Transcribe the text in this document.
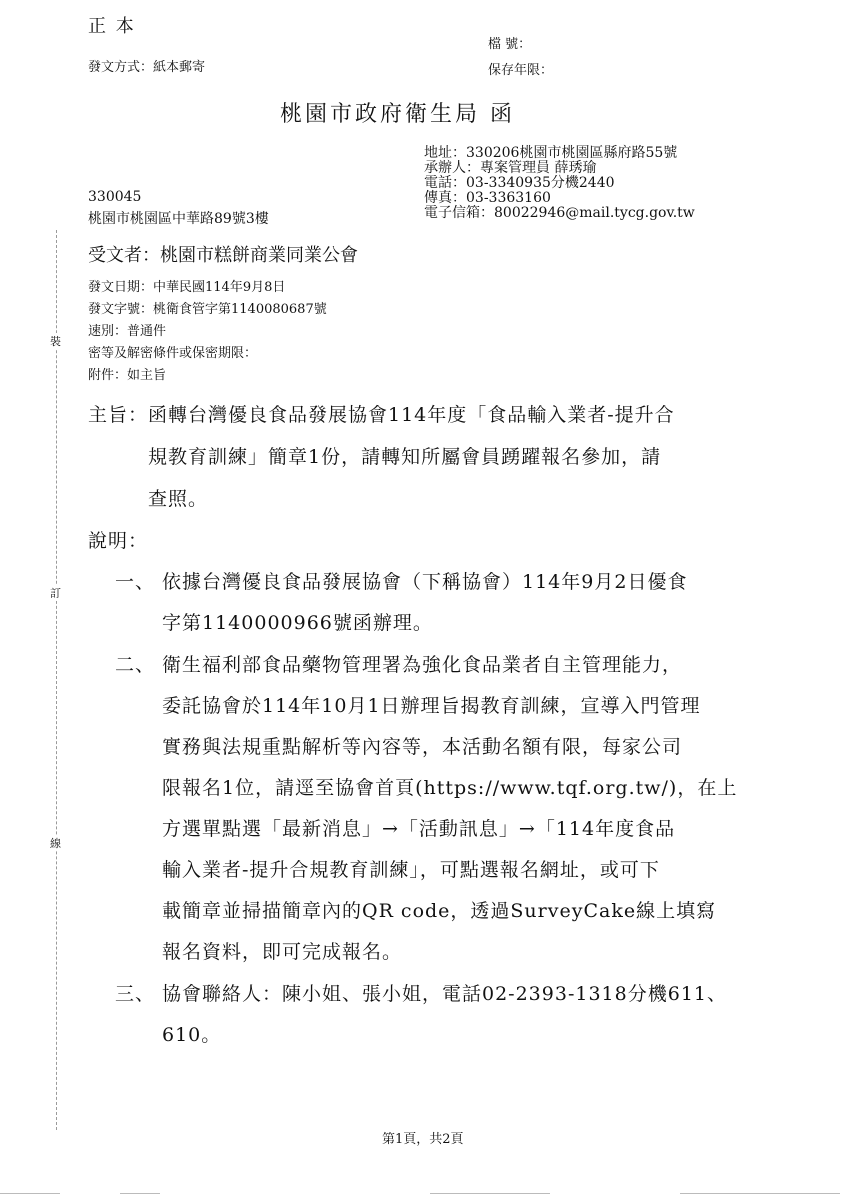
裝
訂
線
正 本
檔 號：
保存年限：
發文方式：紙本郵寄
桃園市政府衛生局 函
地址：330206桃園市桃園區縣府路55號
承辦人：專案管理員 薛琇瑜
電話：03-3340935分機2440
傳真：03-3363160
電子信箱：80022946@mail.tycg.gov.tw
330045
桃園市桃園區中華路89號3樓
受文者：桃園市糕餅商業同業公會
發文日期：中華民國114年9月8日
發文字號：桃衛食管字第1140080687號
速別：普通件
密等及解密條件或保密期限：
附件：如主旨
主旨： 函轉台灣優良食品發展協會114年度「食品輸入業者-提升合
規教育訓練」簡章1份，請轉知所屬會員踴躍報名參加，請
查照。
說明：
一、 依據台灣優良食品發展協會（下稱協會）114年9月2日優食
字第1140000966號函辦理。
二、 衛生福利部食品藥物管理署為強化食品業者自主管理能力，
委託協會於114年10月1日辦理旨揭教育訓練，宣導入門管理
實務與法規重點解析等內容等，本活動名額有限，每家公司
限報名1位，請逕至協會首頁(https://www.tqf.org.tw/)，在上
方選單點選「最新消息」→「活動訊息」→「114年度食品
輸入業者-提升合規教育訓練」，可點選報名網址，或可下
載簡章並掃描簡章內的QR code，透過SurveyCake線上填寫
報名資料，即可完成報名。
三、 協會聯絡人：陳小姐、張小姐，電話02-2393-1318分機611、
610。
第1頁，共2頁
